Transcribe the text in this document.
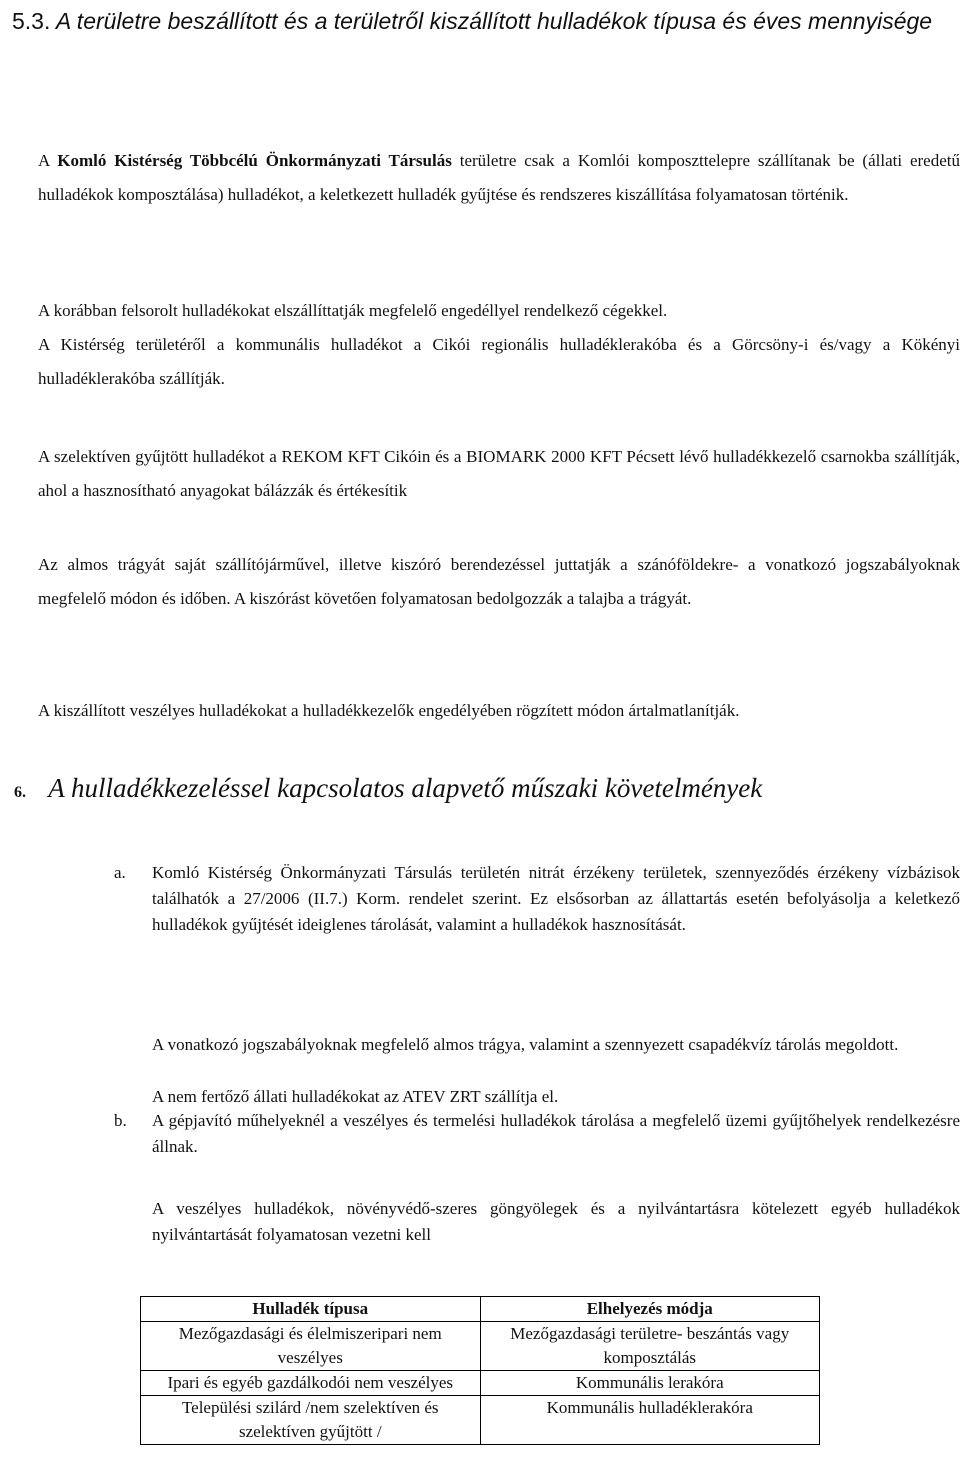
5.3. A területre beszállított és a területről kiszállított hulladékok típusa és éves mennyisége

A Komló Kistérség Többcélú Önkormányzati Társulás területre csak a Komlói komposzttelepre szállítanak be (állati eredetű hulladékok komposztálása) hulladékot, a keletkezett hulladék gyűjtése és rendszeres kiszállítása folyamatosan történik.

A korábban felsorolt hulladékokat elszállíttatják megfelelő engedéllyel rendelkező cégekkel.

A Kistérség területéről a kommunális hulladékot a Cikói regionális hulladéklerakóba és a Görcsöny-i és/vagy a Kökényi hulladéklerakóba szállítják.

A szelektíven gyűjtött hulladékot a REKOM KFT Cikóin és a BIOMARK 2000 KFT Pécsett lévő hulladékkezelő csarnokba szállítják, ahol a hasznosítható anyagokat bálázzák és értékesítik

Az almos trágyát saját szállítójárművel, illetve kiszóró berendezéssel juttatják a szánóföldekre- a vonatkozó jogszabályoknak megfelelő módon és időben. A kiszórást követően folyamatosan bedolgozzák a talajba a trágyát.

A kiszállított veszélyes hulladékokat a hulladékkezelők engedélyében rögzített módon ártalmatlanítják.

6. A hulladékkezeléssel kapcsolatos alapvető műszaki követelmények
a. Komló Kistérség Önkormányzati Társulás területén nitrát érzékeny területek, szennyeződés érzékeny vízbázisok találhatók a 27/2006 (II.7.) Korm. rendelet szerint. Ez elsősorban az állattartás esetén befolyásolja a keletkező hulladékok gyűjtését ideiglenes tárolását, valamint a hulladékok hasznosítását.

A vonatkozó jogszabályoknak megfelelő almos trágya, valamint a szennyezett csapadékvíz tárolás megoldott.

A nem fertőző állati hulladékokat az ATEV ZRT szállítja el.

b. A gépjavító műhelyeknél a veszélyes és termelési hulladékok tárolása a megfelelő üzemi gyűjtőhelyek rendelkezésre állnak.

A veszélyes hulladékok, növényvédő-szeres göngyölegek és a nyilvántartásra kötelezett egyéb hulladékok nyilvántartását folyamatosan vezetni kell

Hulladék típusa	Elhelyezés módja
Mezőgazdasági és élelmiszeripari nem veszélyes	Mezőgazdasági területre- beszántás vagy komposztálás
Ipari és egyéb gazdálkodói nem veszélyes	Kommunális lerakóra
Települési szilárd /nem szelektíven és szelektíven gyűjtött /	Kommunális hulladéklerakóra
